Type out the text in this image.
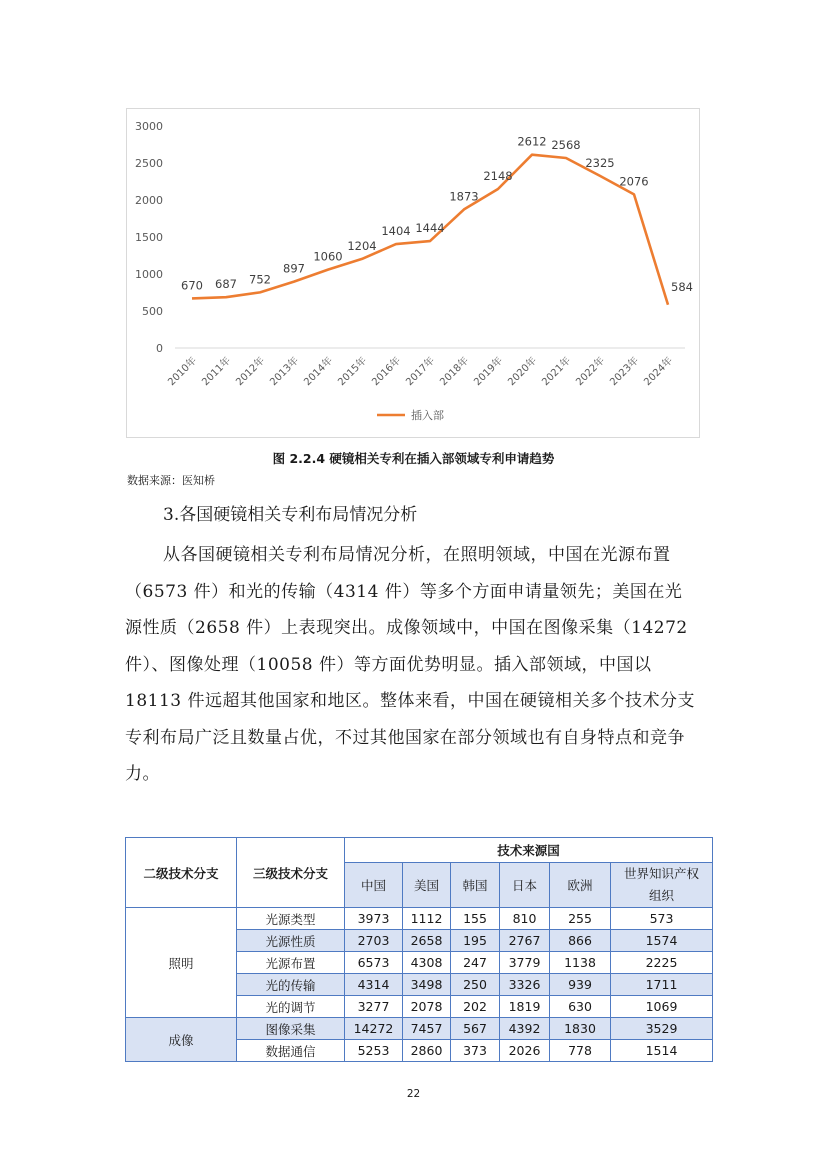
0
500
1000
1500
2000
2500
3000
2010年 2011年 2012年 2013年 2014年 2015年 2016年 2017年 2018年 2019年 2020年 2021年 2022年 2023年 2024年
670 687 752
897
1060
1204
1404 1444
1873
2148
2612 2568
2325
2076
584
插入部
图 2.2.4 硬镜相关专利在插入部领域专利申请趋势
数据来源：医知桥
3.各国硬镜相关专利布局情况分析

从各国硬镜相关专利布局情况分析，在照明领域，中国在光源布置（6573 件）和光的传输（4314 件）等多个方面申请量领先；美国在光源性质（2658 件）上表现突出。成像领域中，中国在图像采集（14272 件）、图像处理（10058 件）等方面优势明显。插入部领域，中国以 18113 件远超其他国家和地区。整体来看，中国在硬镜相关多个技术分支专利布局广泛且数量占优，不过其他国家在部分领域也有自身特点和竞争力。

二级技术分支	三级技术分支	技术来源国					
		中国	美国	韩国	日本	欧洲	世界知识产权组织
照明	光源类型	3973	1112	155	810	255	573
	光源性质	2703	2658	195	2767	866	1574
	光源布置	6573	4308	247	3779	1138	2225
	光的传输	4314	3498	250	3326	939	1711
	光的调节	3277	2078	202	1819	630	1069
成像	图像采集	14272	7457	567	4392	1830	3529
	数据通信	5253	2860	373	2026	778	1514
22
